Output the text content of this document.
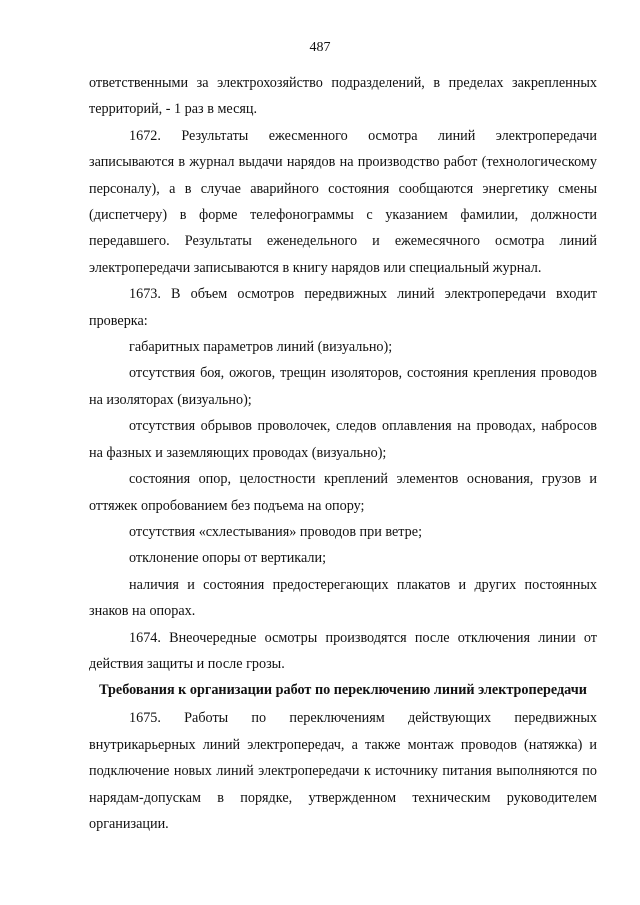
487

ответственными за электрохозяйство подразделений, в пределах закрепленных территорий, - 1 раз в месяц.

1672. Результаты ежесменного осмотра линий электропередачи записываются в журнал выдачи нарядов на производство работ (технологическому персоналу), а в случае аварийного состояния сообщаются энергетику смены (диспетчеру) в форме телефонограммы с указанием фамилии, должности передавшего. Результаты еженедельного и ежемесячного осмотра линий электропередачи записываются в книгу нарядов или специальный журнал.

1673. В объем осмотров передвижных линий электропередачи входит проверка:

габаритных параметров линий (визуально);

отсутствия боя, ожогов, трещин изоляторов, состояния крепления проводов на изоляторах (визуально);

отсутствия обрывов проволочек, следов оплавления на проводах, набросов на фазных и заземляющих проводах (визуально);

состояния опор, целостности креплений элементов основания, грузов и оттяжек опробованием без подъема на опору;

отсутствия «схлестывания» проводов при ветре;

отклонение опоры от вертикали;

наличия и состояния предостерегающих плакатов и других постоянных знаков на опорах.

1674. Внеочередные осмотры производятся после отключения линии от действия защиты и после грозы.

Требования к организации работ по переключению линий электропередачи

1675. Работы по переключениям действующих передвижных внутрикарьерных линий электропередач, а также монтаж проводов (натяжка) и подключение новых линий электропередачи к источнику питания выполняются по нарядам-допускам в порядке, утвержденном техническим руководителем организации.
